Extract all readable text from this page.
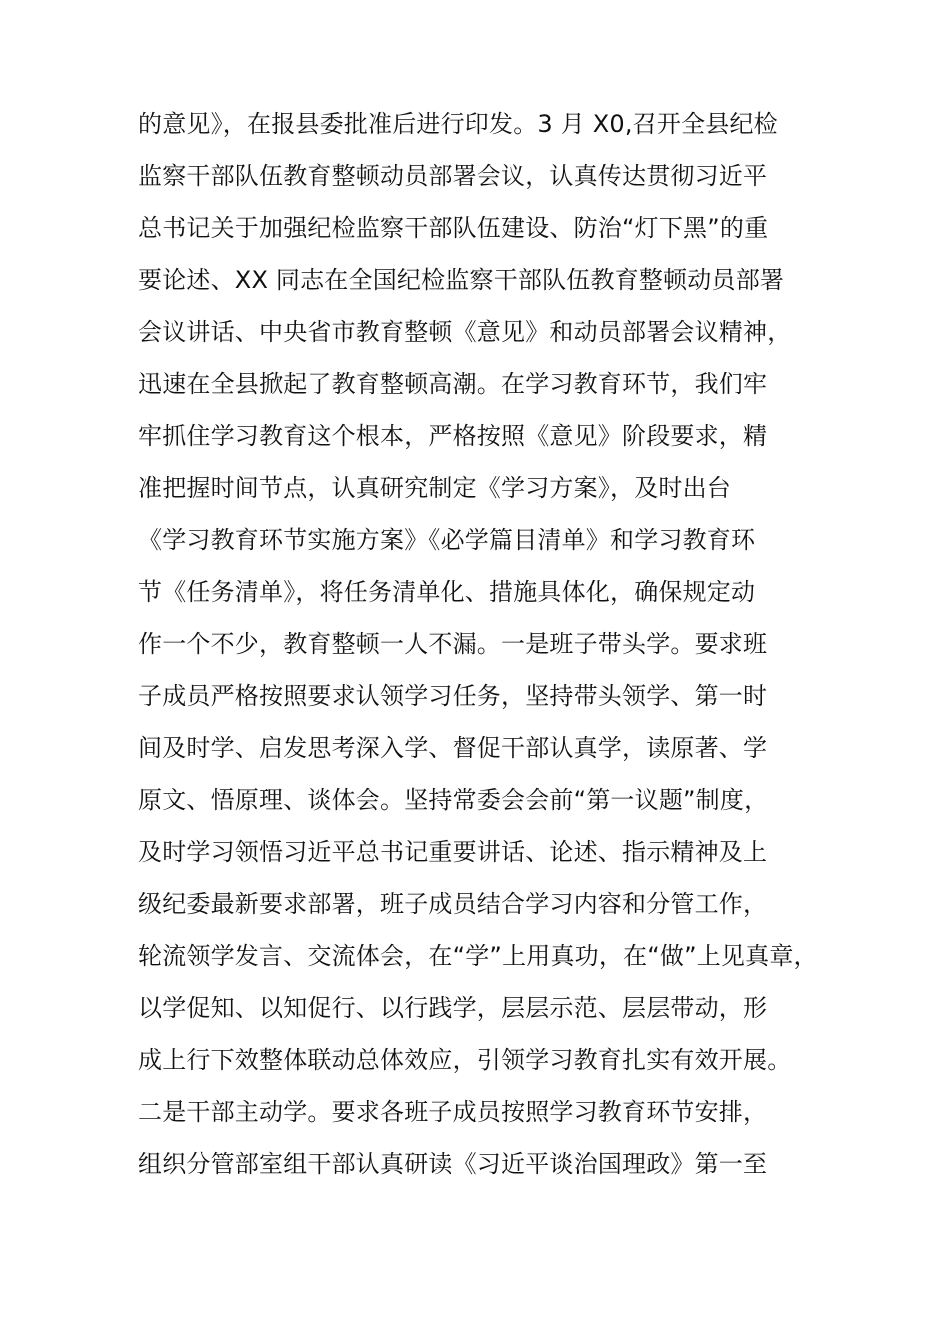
的意见》，在报县委批准后进行印发。3 月 X0,召开全县纪检
监察干部队伍教育整顿动员部署会议，认真传达贯彻习近平
总书记关于加强纪检监察干部队伍建设、防治“灯下黑”的重
要论述、XX 同志在全国纪检监察干部队伍教育整顿动员部署
会议讲话、中央省市教育整顿《意见》和动员部署会议精神，
迅速在全县掀起了教育整顿高潮。在学习教育环节，我们牢
牢抓住学习教育这个根本，严格按照《意见》阶段要求，精
准把握时间节点，认真研究制定《学习方案》，及时出台
《学习教育环节实施方案》《必学篇目清单》和学习教育环
节《任务清单》，将任务清单化、措施具体化，确保规定动
作一个不少，教育整顿一人不漏。一是班子带头学。要求班
子成员严格按照要求认领学习任务，坚持带头领学、第一时
间及时学、启发思考深入学、督促干部认真学，读原著、学
原文、悟原理、谈体会。坚持常委会会前“第一议题”制度，
及时学习领悟习近平总书记重要讲话、论述、指示精神及上
级纪委最新要求部署，班子成员结合学习内容和分管工作，
轮流领学发言、交流体会，在“学”上用真功，在“做”上见真章，
以学促知、以知促行、以行践学，层层示范、层层带动，形
成上行下效整体联动总体效应，引领学习教育扎实有效开展。
二是干部主动学。要求各班子成员按照学习教育环节安排，
组织分管部室组干部认真研读《习近平谈治国理政》第一至
